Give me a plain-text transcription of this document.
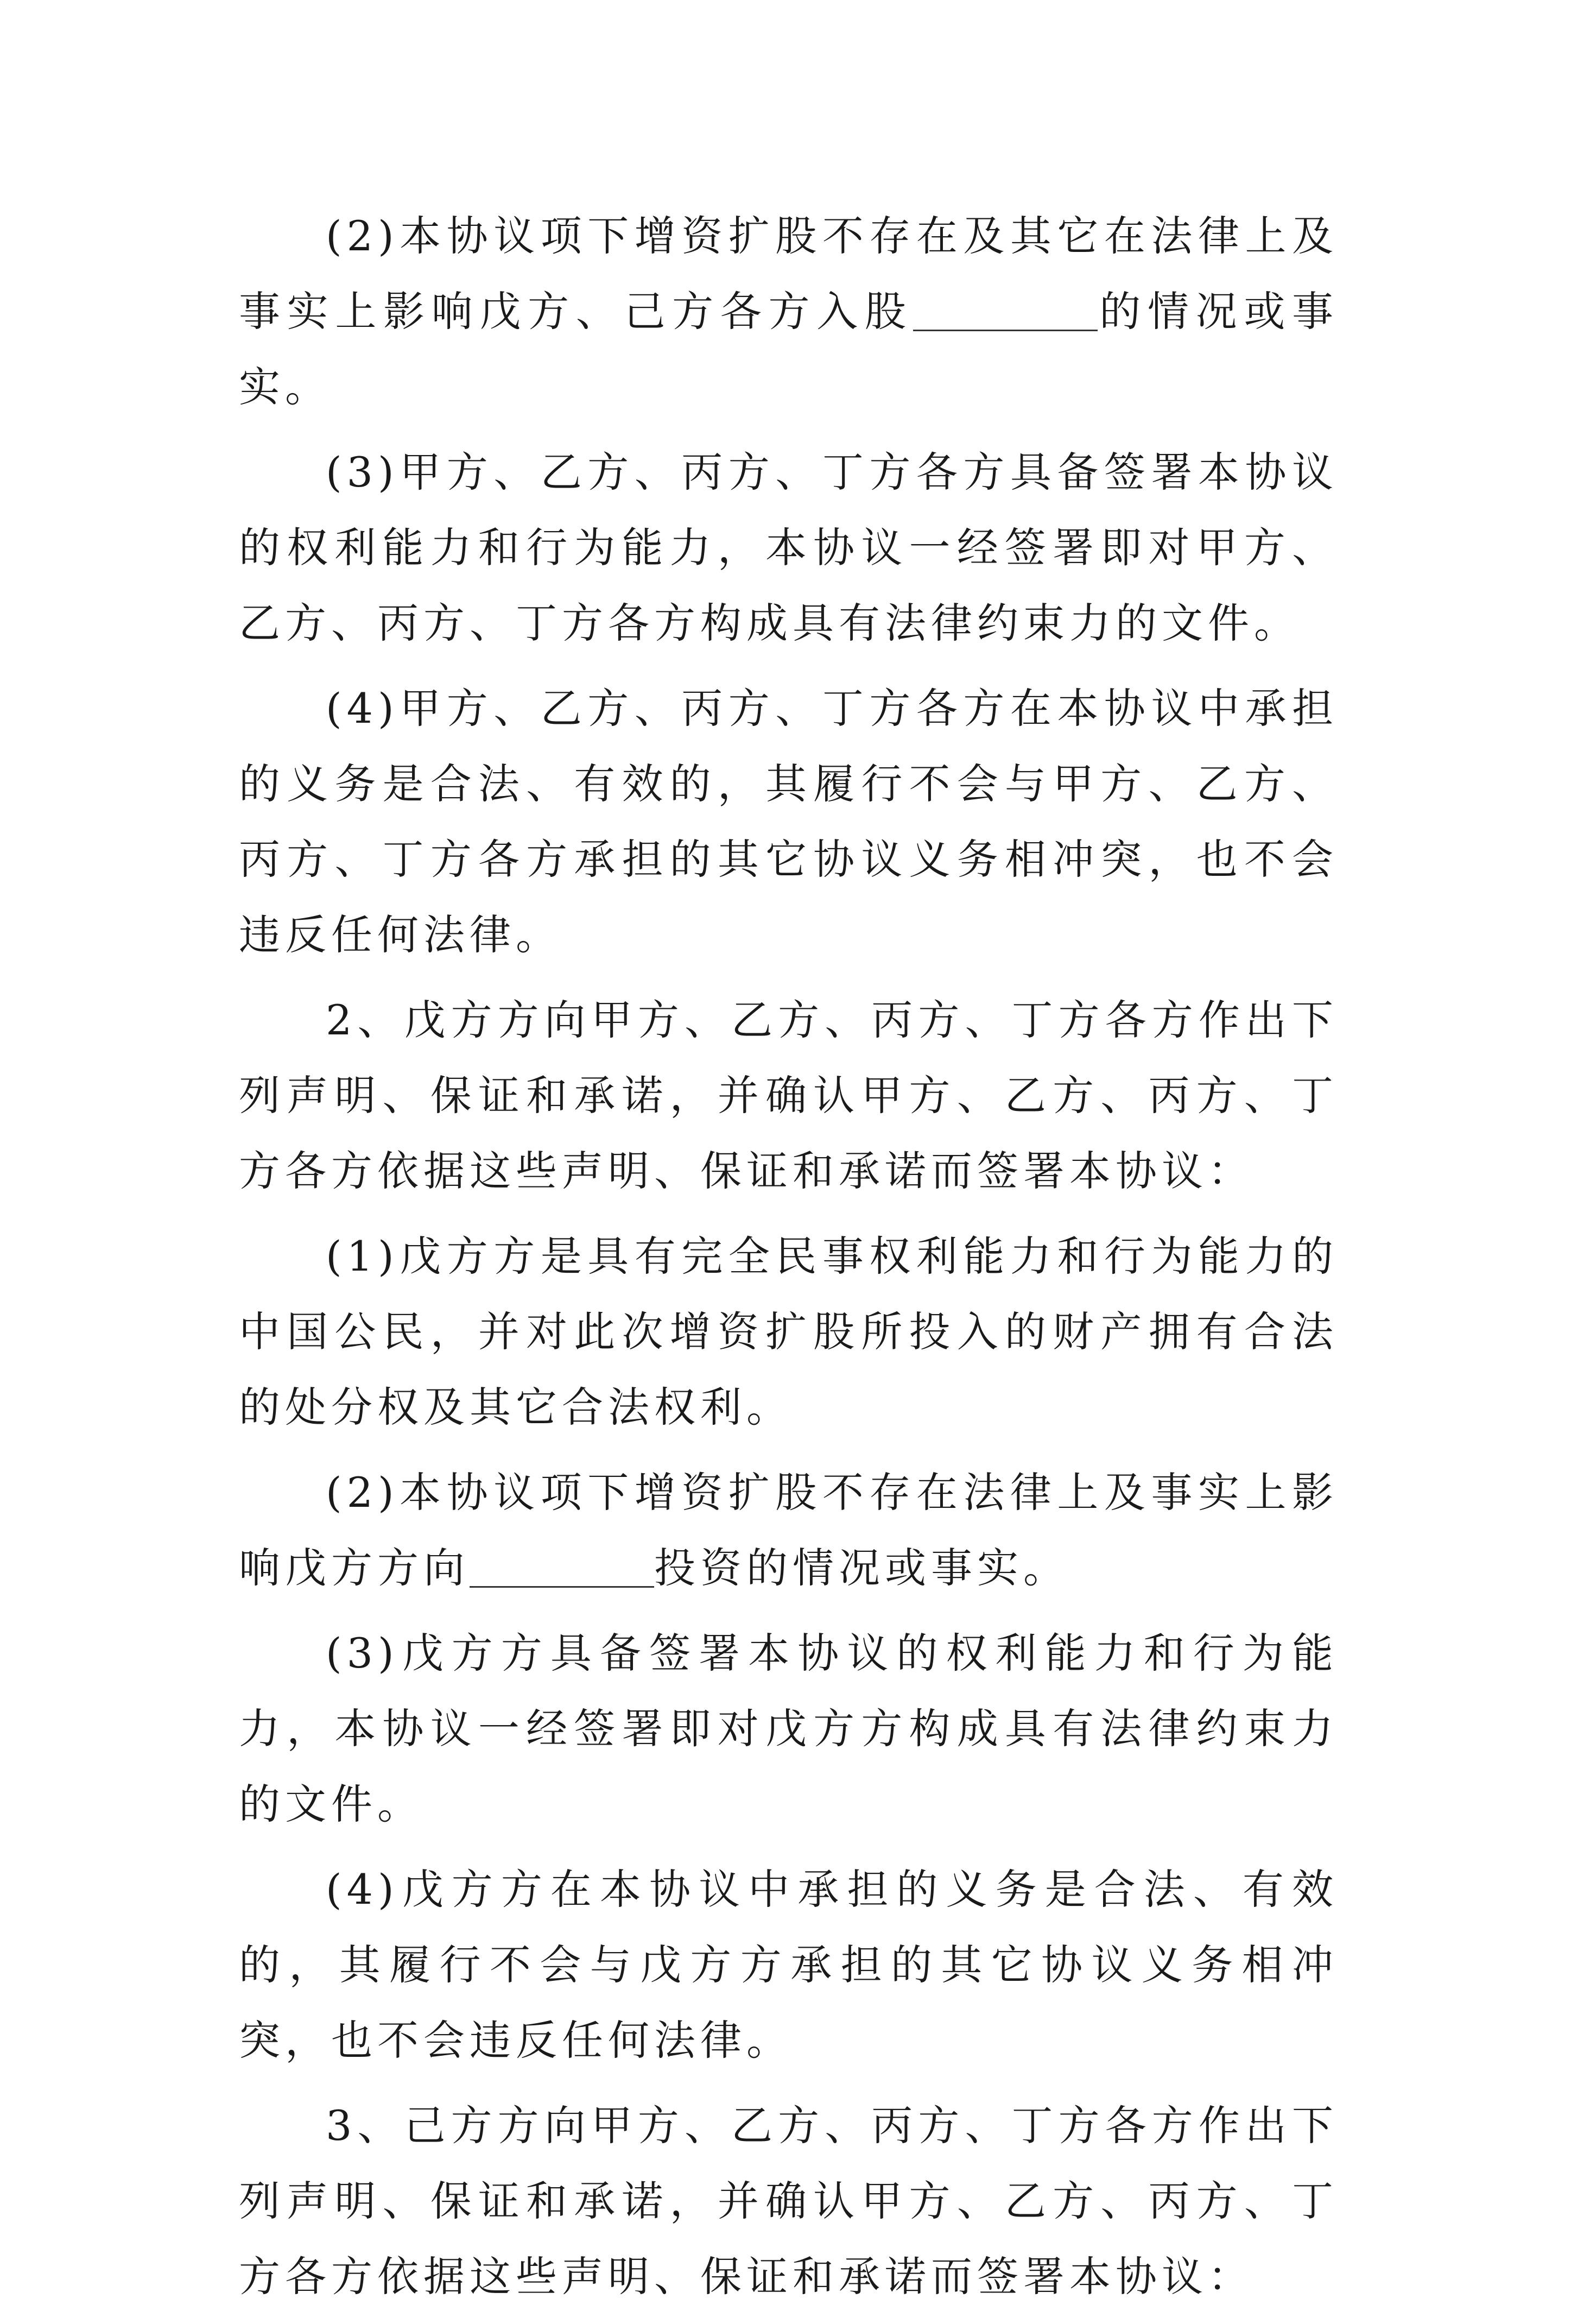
(2)本协议项下增资扩股不存在及其它在法律上及事实上影响戊方、己方各方入股	的情况或事实。

(3)甲方、乙方、丙方、丁方各方具备签署本协议的权利能力和行为能力，本协议一经签署即对甲方、乙方、丙方、丁方各方构成具有法律约束力的文件。

(4)甲方、乙方、丙方、丁方各方在本协议中承担的义务是合法、有效的，其履行不会与甲方、乙方、丙方、丁方各方承担的其它协议义务相冲突，也不会违反任何法律。

2、戊方方向甲方、乙方、丙方、丁方各方作出下列声明、保证和承诺，并确认甲方、乙方、丙方、丁方各方依据这些声明、保证和承诺而签署本协议：

(1)戊方方是具有完全民事权利能力和行为能力的中国公民，并对此次增资扩股所投入的财产拥有合法的处分权及其它合法权利。

(2)本协议项下增资扩股不存在法律上及事实上影响戊方方向	投资的情况或事实。

(3)戊方方具备签署本协议的权利能力和行为能力，本协议一经签署即对戊方方构成具有法律约束力的文件。

(4)戊方方在本协议中承担的义务是合法、有效的，其履行不会与戊方方承担的其它协议义务相冲突，也不会违反任何法律。

3、己方方向甲方、乙方、丙方、丁方各方作出下列声明、保证和承诺，并确认甲方、乙方、丙方、丁方各方依据这些声明、保证和承诺而签署本协议：
